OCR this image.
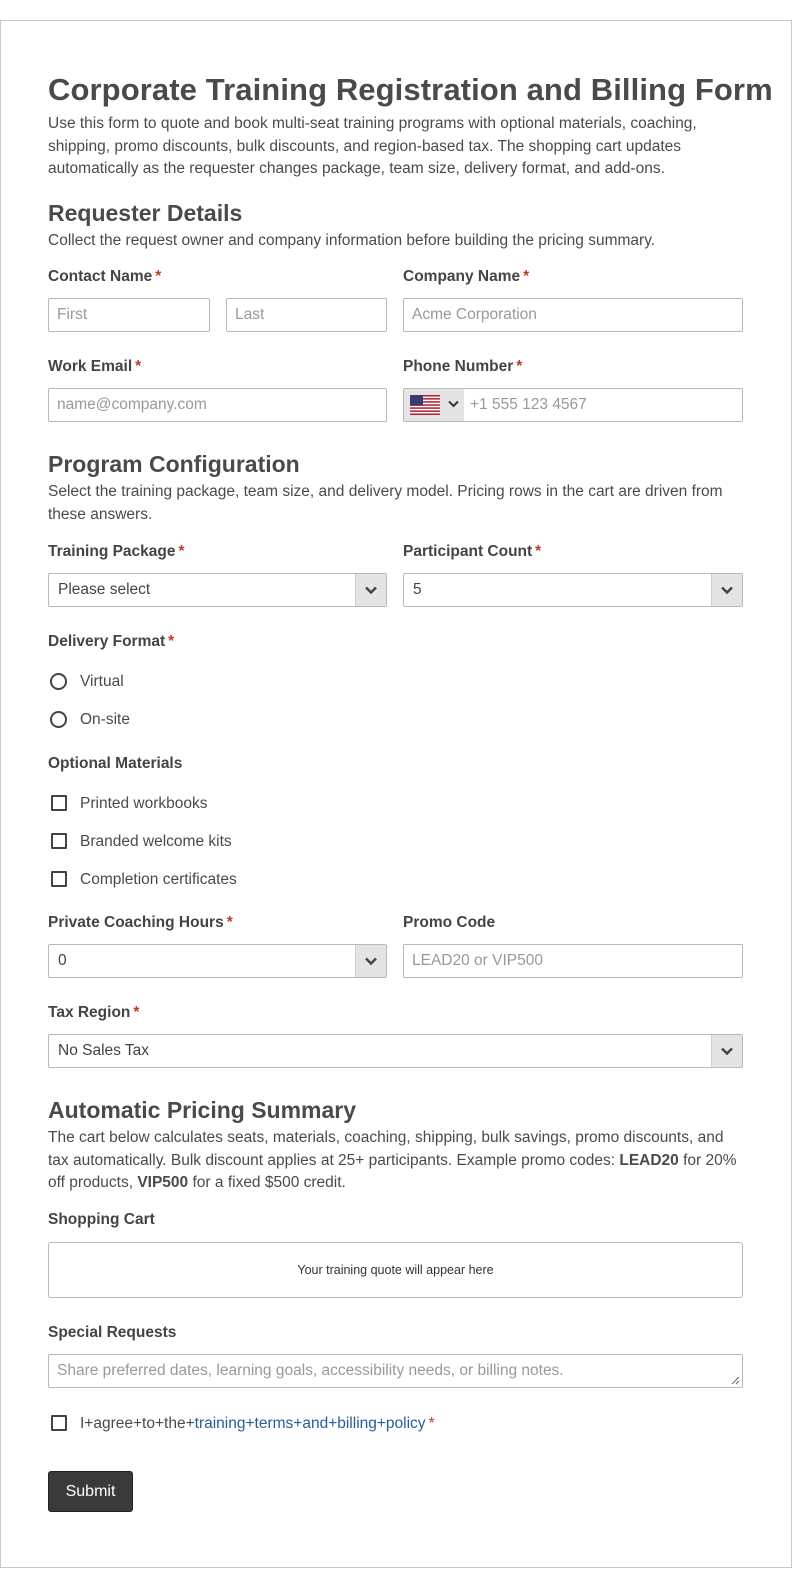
Corporate Training Registration and Billing Form

Use this form to quote and book multi-seat training programs with optional materials, coaching, shipping, promo discounts, bulk discounts, and region-based tax. The shopping cart updates automatically as the requester changes package, team size, delivery format, and add-ons.

Requester Details

Collect the request owner and company information before building the pricing summary.

Contact Name *
First	Last
Company Name *
Acme Corporation
Work Email *
name@company.com
Phone Number *
+1 555 123 4567
Program Configuration

Select the training package, team size, and delivery model. Pricing rows in the cart are driven from these answers.

Training Package *
Please select
Participant Count *
5
Delivery Format *
Virtual
On-site
Optional Materials
Printed workbooks
Branded welcome kits
Completion certificates
Private Coaching Hours *
0
Promo Code
LEAD20 or VIP500
Tax Region *
No Sales Tax
Automatic Pricing Summary

The cart below calculates seats, materials, coaching, shipping, bulk savings, promo discounts, and tax automatically. Bulk discount applies at 25+ participants. Example promo codes: LEAD20 for 20% off products, VIP500 for a fixed $500 credit.

Shopping Cart
Your training quote will appear here
Special Requests
Share preferred dates, learning goals, accessibility needs, or billing notes.
I+agree+to+the+training+terms+and+billing+policy *
Submit
